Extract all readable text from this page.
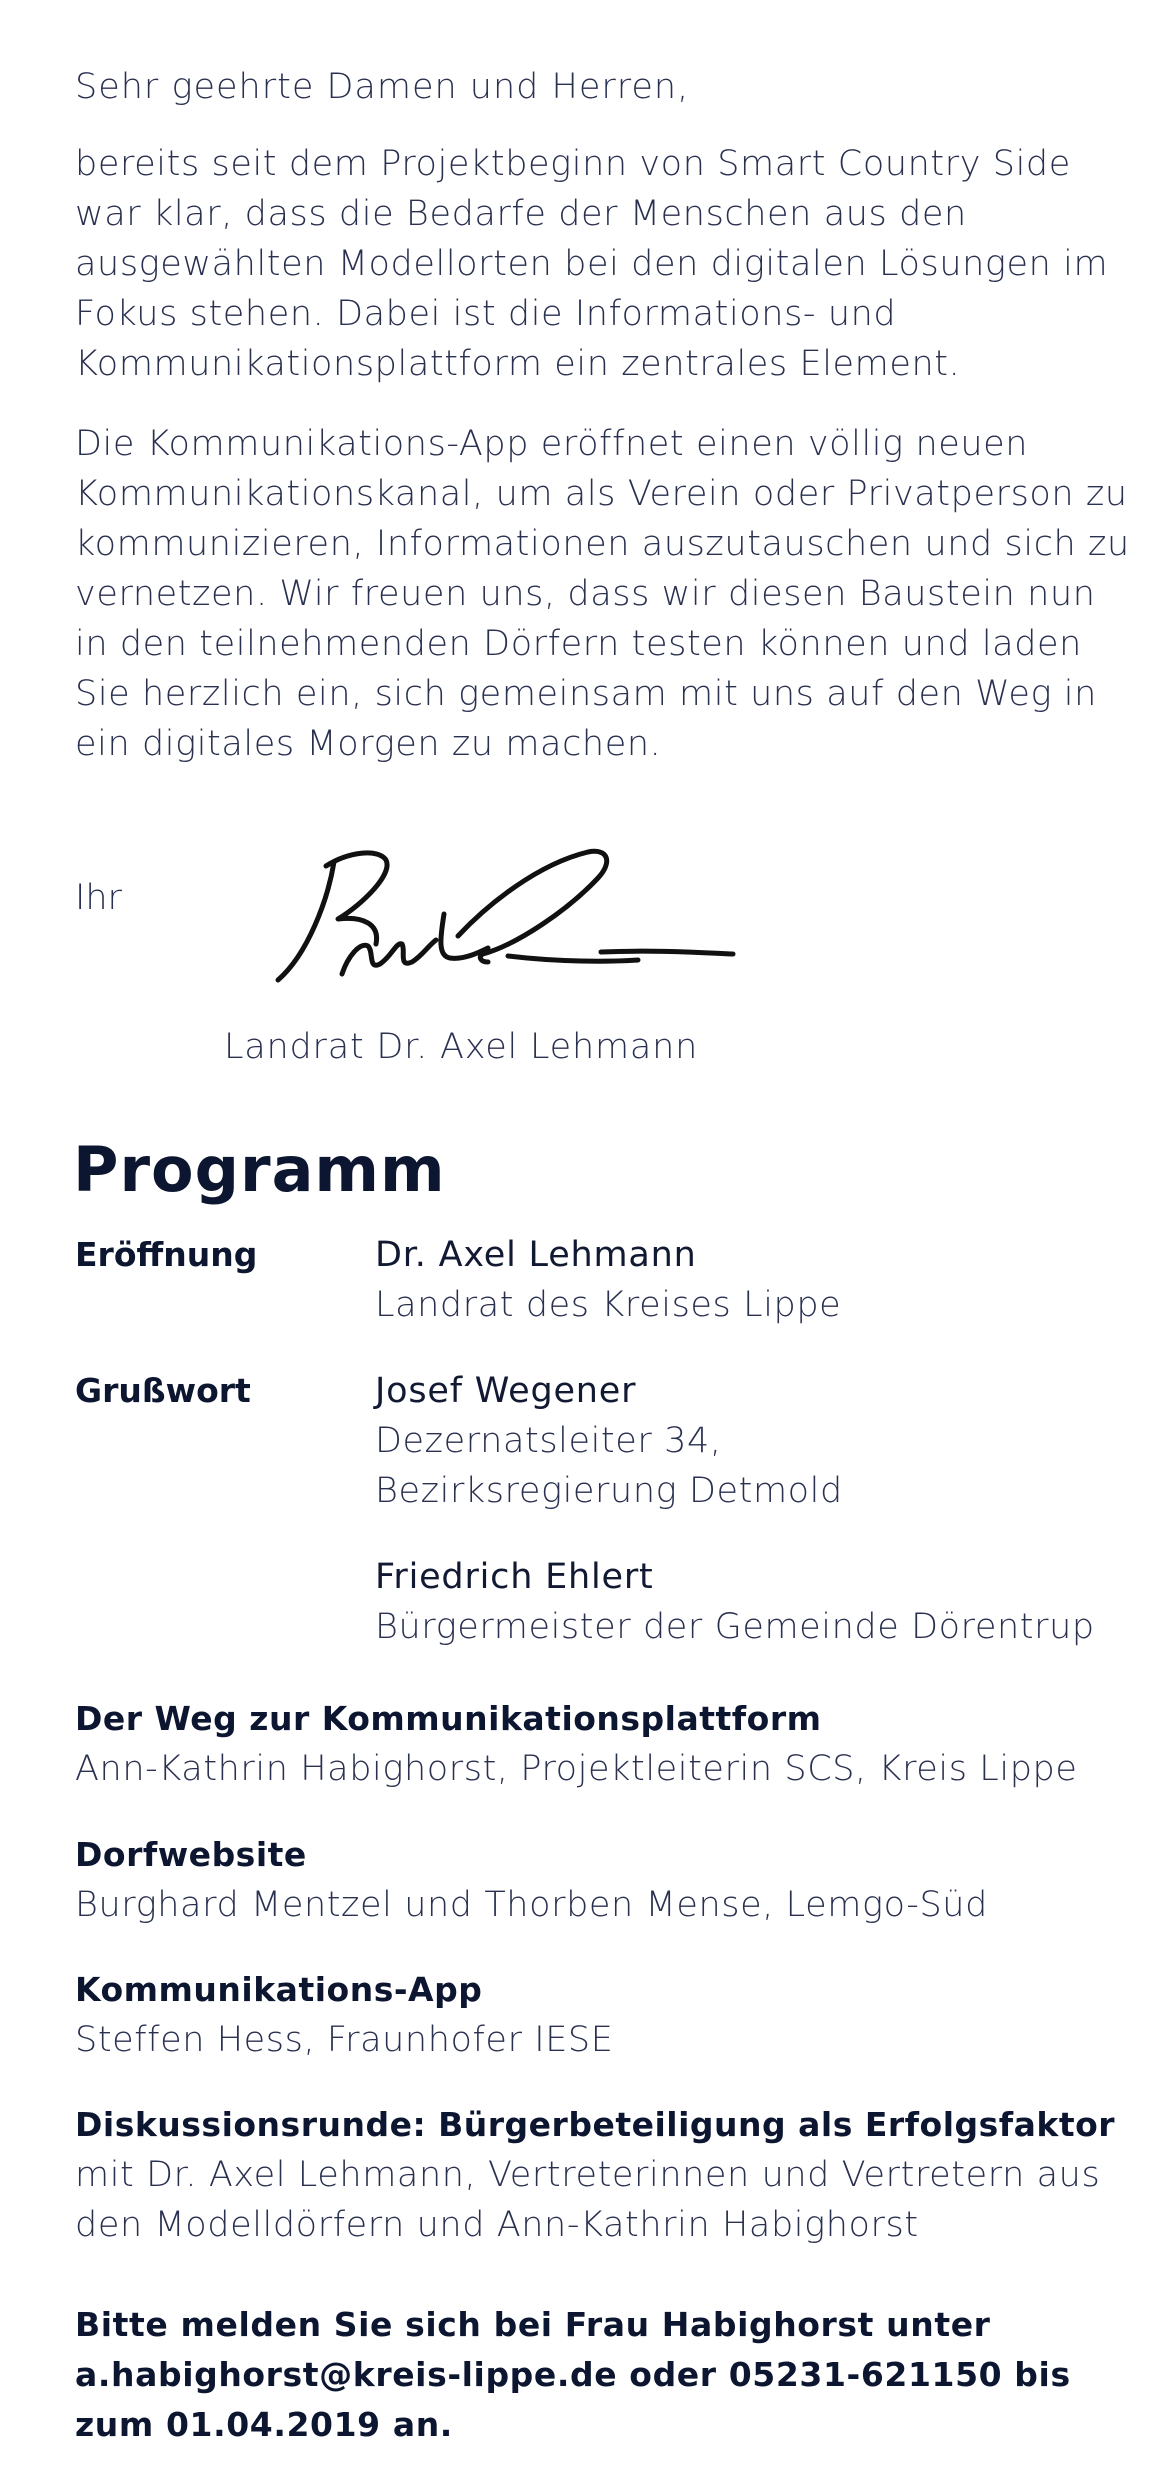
Sehr geehrte Damen und Herren,

bereits seit dem Projektbeginn von Smart Country Side war klar, dass die Bedarfe der Menschen aus den ausgewählten Modellorten bei den digitalen Lösungen im Fokus stehen. Dabei ist die Informations- und Kommunikationsplattform ein zentrales Element.

Die Kommunikations-App eröffnet einen völlig neuen Kommunikationskanal, um als Verein oder Privatperson zu kommunizieren, Informationen auszutauschen und sich zu vernetzen. Wir freuen uns, dass wir diesen Baustein nun in den teilnehmenden Dörfern testen können und laden Sie herzlich ein, sich gemeinsam mit uns auf den Weg in ein digitales Morgen zu machen.

Ihr

Landrat Dr. Axel Lehmann

Programm
Eröffnung	Dr. Axel Lehmann
Landrat des Kreises Lippe
Grußwort	Josef Wegener
Dezernatsleiter 34,
Bezirksregierung Detmold
Friedrich Ehlert
Bürgermeister der Gemeinde Dörentrup
Der Weg zur Kommunikationsplattform
Ann-Kathrin Habighorst, Projektleiterin SCS, Kreis Lippe
Dorfwebsite
Burghard Mentzel und Thorben Mense, Lemgo-Süd
Kommunikations-App
Steffen Hess, Fraunhofer IESE
Diskussionsrunde: Bürgerbeteiligung als Erfolgsfaktor
mit Dr. Axel Lehmann, Vertreterinnen und Vertretern aus den Modelldörfern und Ann-Kathrin Habighorst

Bitte melden Sie sich bei Frau Habighorst unter a.habighorst@kreis-lippe.de oder 05231-621150 bis zum 01.04.2019 an.
